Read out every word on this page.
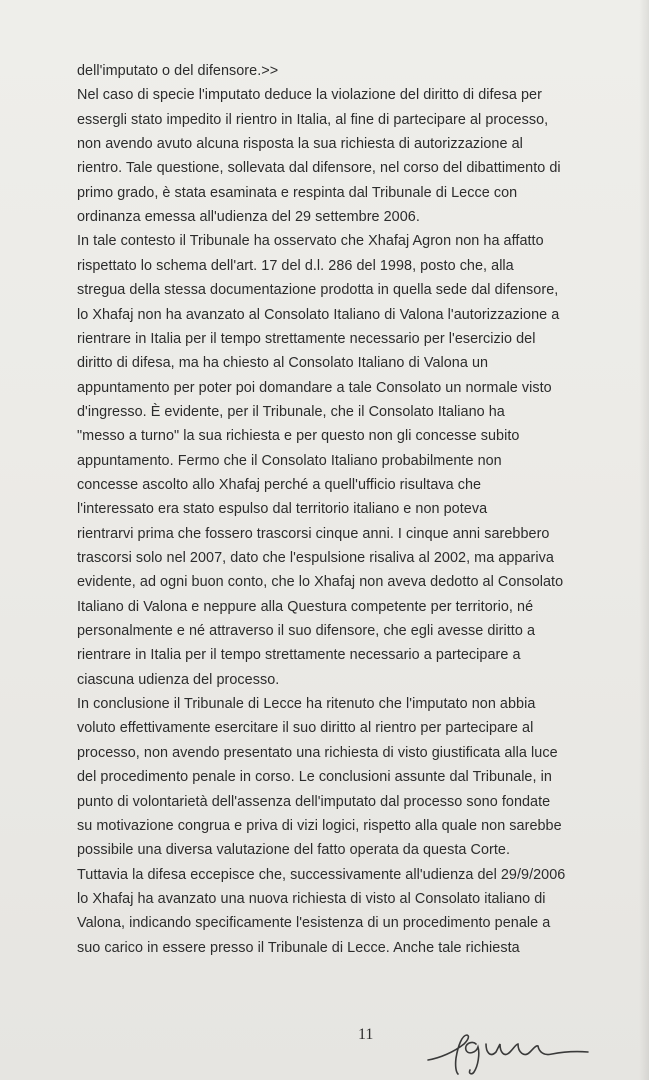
dell'imputato o del difensore.>>
Nel caso di specie l'imputato deduce la violazione del diritto di difesa per
essergli stato impedito il rientro in Italia, al fine di partecipare al processo,
non avendo avuto alcuna risposta la sua richiesta di autorizzazione al
rientro. Tale questione, sollevata dal difensore, nel corso del dibattimento di
primo grado, è stata esaminata e respinta dal Tribunale di Lecce con
ordinanza emessa all'udienza del 29 settembre 2006.
In tale contesto il Tribunale ha osservato che Xhafaj Agron non ha affatto
rispettato lo schema dell'art. 17 del d.l. 286 del 1998, posto che, alla
stregua della stessa documentazione prodotta in quella sede dal difensore,
lo Xhafaj non ha avanzato al Consolato Italiano di Valona l'autorizzazione a
rientrare in Italia per il tempo strettamente necessario per l'esercizio del
diritto di difesa, ma ha chiesto al Consolato Italiano di Valona un
appuntamento per poter poi domandare a tale Consolato un normale visto
d'ingresso. È evidente, per il Tribunale, che il Consolato Italiano ha
"messo a turno" la sua richiesta e per questo non gli concesse subito
appuntamento. Fermo che il Consolato Italiano probabilmente non
concesse ascolto allo Xhafaj perché a quell'ufficio risultava che
l'interessato era stato espulso dal territorio italiano e non poteva
rientrarvi prima che fossero trascorsi cinque anni. I cinque anni sarebbero
trascorsi solo nel 2007, dato che l'espulsione risaliva al 2002, ma appariva
evidente, ad ogni buon conto, che lo Xhafaj non aveva dedotto al Consolato
Italiano di Valona e neppure alla Questura competente per territorio, né
personalmente e né attraverso il suo difensore, che egli avesse diritto a
rientrare in Italia per il tempo strettamente necessario a partecipare a
ciascuna udienza del processo.
In conclusione il Tribunale di Lecce ha ritenuto che l'imputato non abbia
voluto effettivamente esercitare il suo diritto al rientro per partecipare al
processo, non avendo presentato una richiesta di visto giustificata alla luce
del procedimento penale in corso. Le conclusioni assunte dal Tribunale, in
punto di volontarietà dell'assenza dell'imputato dal processo sono fondate
su motivazione congrua e priva di vizi logici, rispetto alla quale non sarebbe
possibile una diversa valutazione del fatto operata da questa Corte.
Tuttavia la difesa eccepisce che, successivamente all'udienza del 29/9/2006
lo Xhafaj ha avanzato una nuova richiesta di visto al Consolato italiano di
Valona, indicando specificamente l'esistenza di un procedimento penale a
suo carico in essere presso il Tribunale di Lecce. Anche tale richiesta
11
